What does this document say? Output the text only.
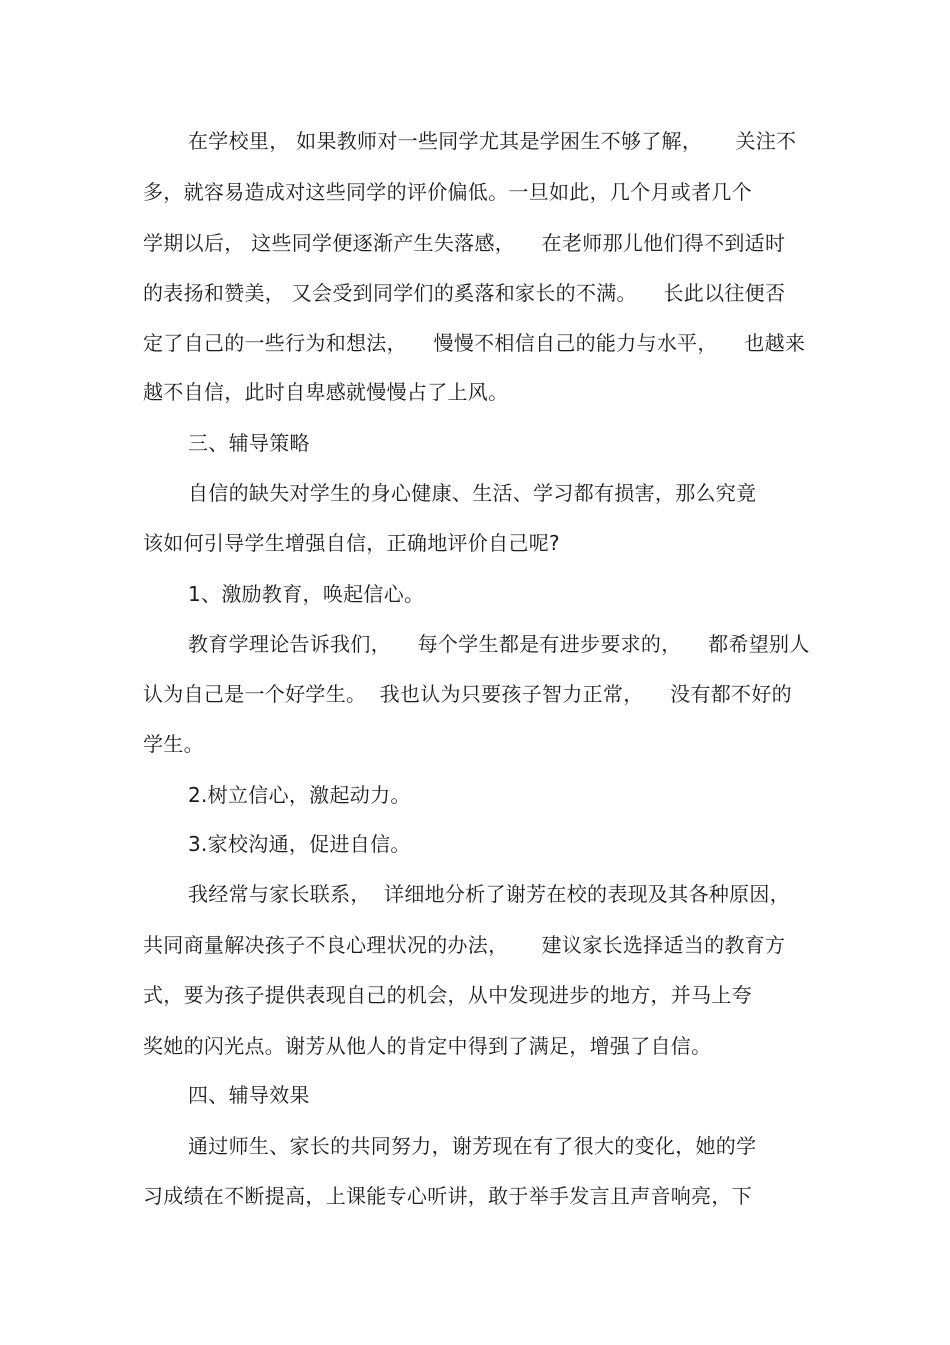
在学校里， 如果教师对一些同学尤其是学困生不够了解，     关注不
多，就容易造成对这些同学的评价偏低。一旦如此，几个月或者几个
学期以后， 这些同学便逐渐产生失落感，    在老师那儿他们得不到适时
的表扬和赞美， 又会受到同学们的奚落和家长的不满。    长此以往便否
定了自己的一些行为和想法，    慢慢不相信自己的能力与水平，    也越来
越不自信，此时自卑感就慢慢占了上风。
三、辅导策略
自信的缺失对学生的身心健康、生活、学习都有损害，那么究竟
该如何引导学生增强自信，正确地评价自己呢?
1、激励教育，唤起信心。
教育学理论告诉我们，    每个学生都是有进步要求的，    都希望别人
认为自己是一个好学生。  我也认为只要孩子智力正常，    没有都不好的
学生。
2.树立信心，激起动力。
3.家校沟通，促进自信。
我经常与家长联系，  详细地分析了谢芳在校的表现及其各种原因，
共同商量解决孩子不良心理状况的办法，     建议家长选择适当的教育方
式，要为孩子提供表现自己的机会，从中发现进步的地方，并马上夸
奖她的闪光点。谢芳从他人的肯定中得到了满足，增强了自信。
四、辅导效果
通过师生、家长的共同努力，谢芳现在有了很大的变化，她的学
习成绩在不断提高，上课能专心听讲，敢于举手发言且声音响亮，下
